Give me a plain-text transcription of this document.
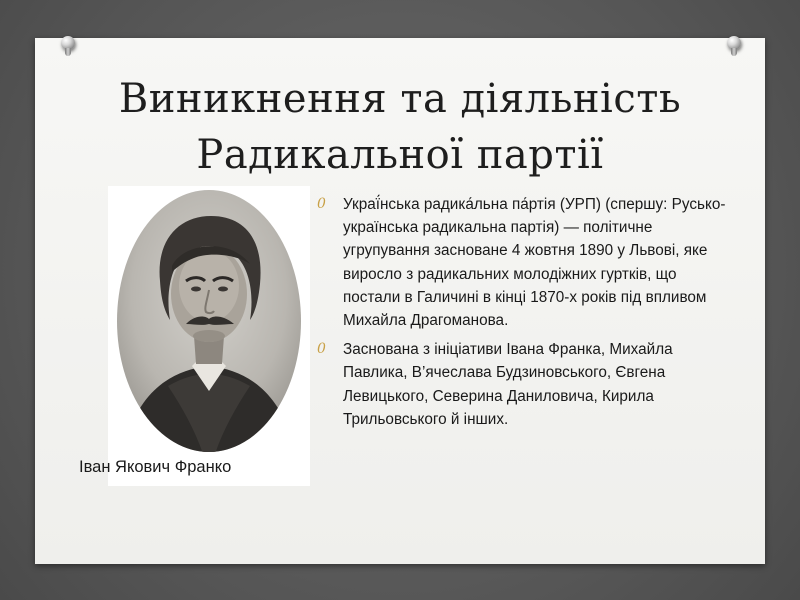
Виникнення та діяльність
Радикальної партії
Іван Якович Франко
0 Украї́нська радика́льна па́ртія (УРП) (спершу: Русько-українська радикальна партія) — політичне угрупування засноване 4 жовтня 1890 у Львові, яке виросло з радикальних молодіжних гуртків, що постали в Галичині в кінці 1870-х років під впливом Михайла Драгоманова.
0 Заснована з ініціативи Івана Франка, Михайла Павлика, В’ячеслава Будзиновського, Євгена Левицького, Северина Даниловича, Кирила Трильовського й інших.
